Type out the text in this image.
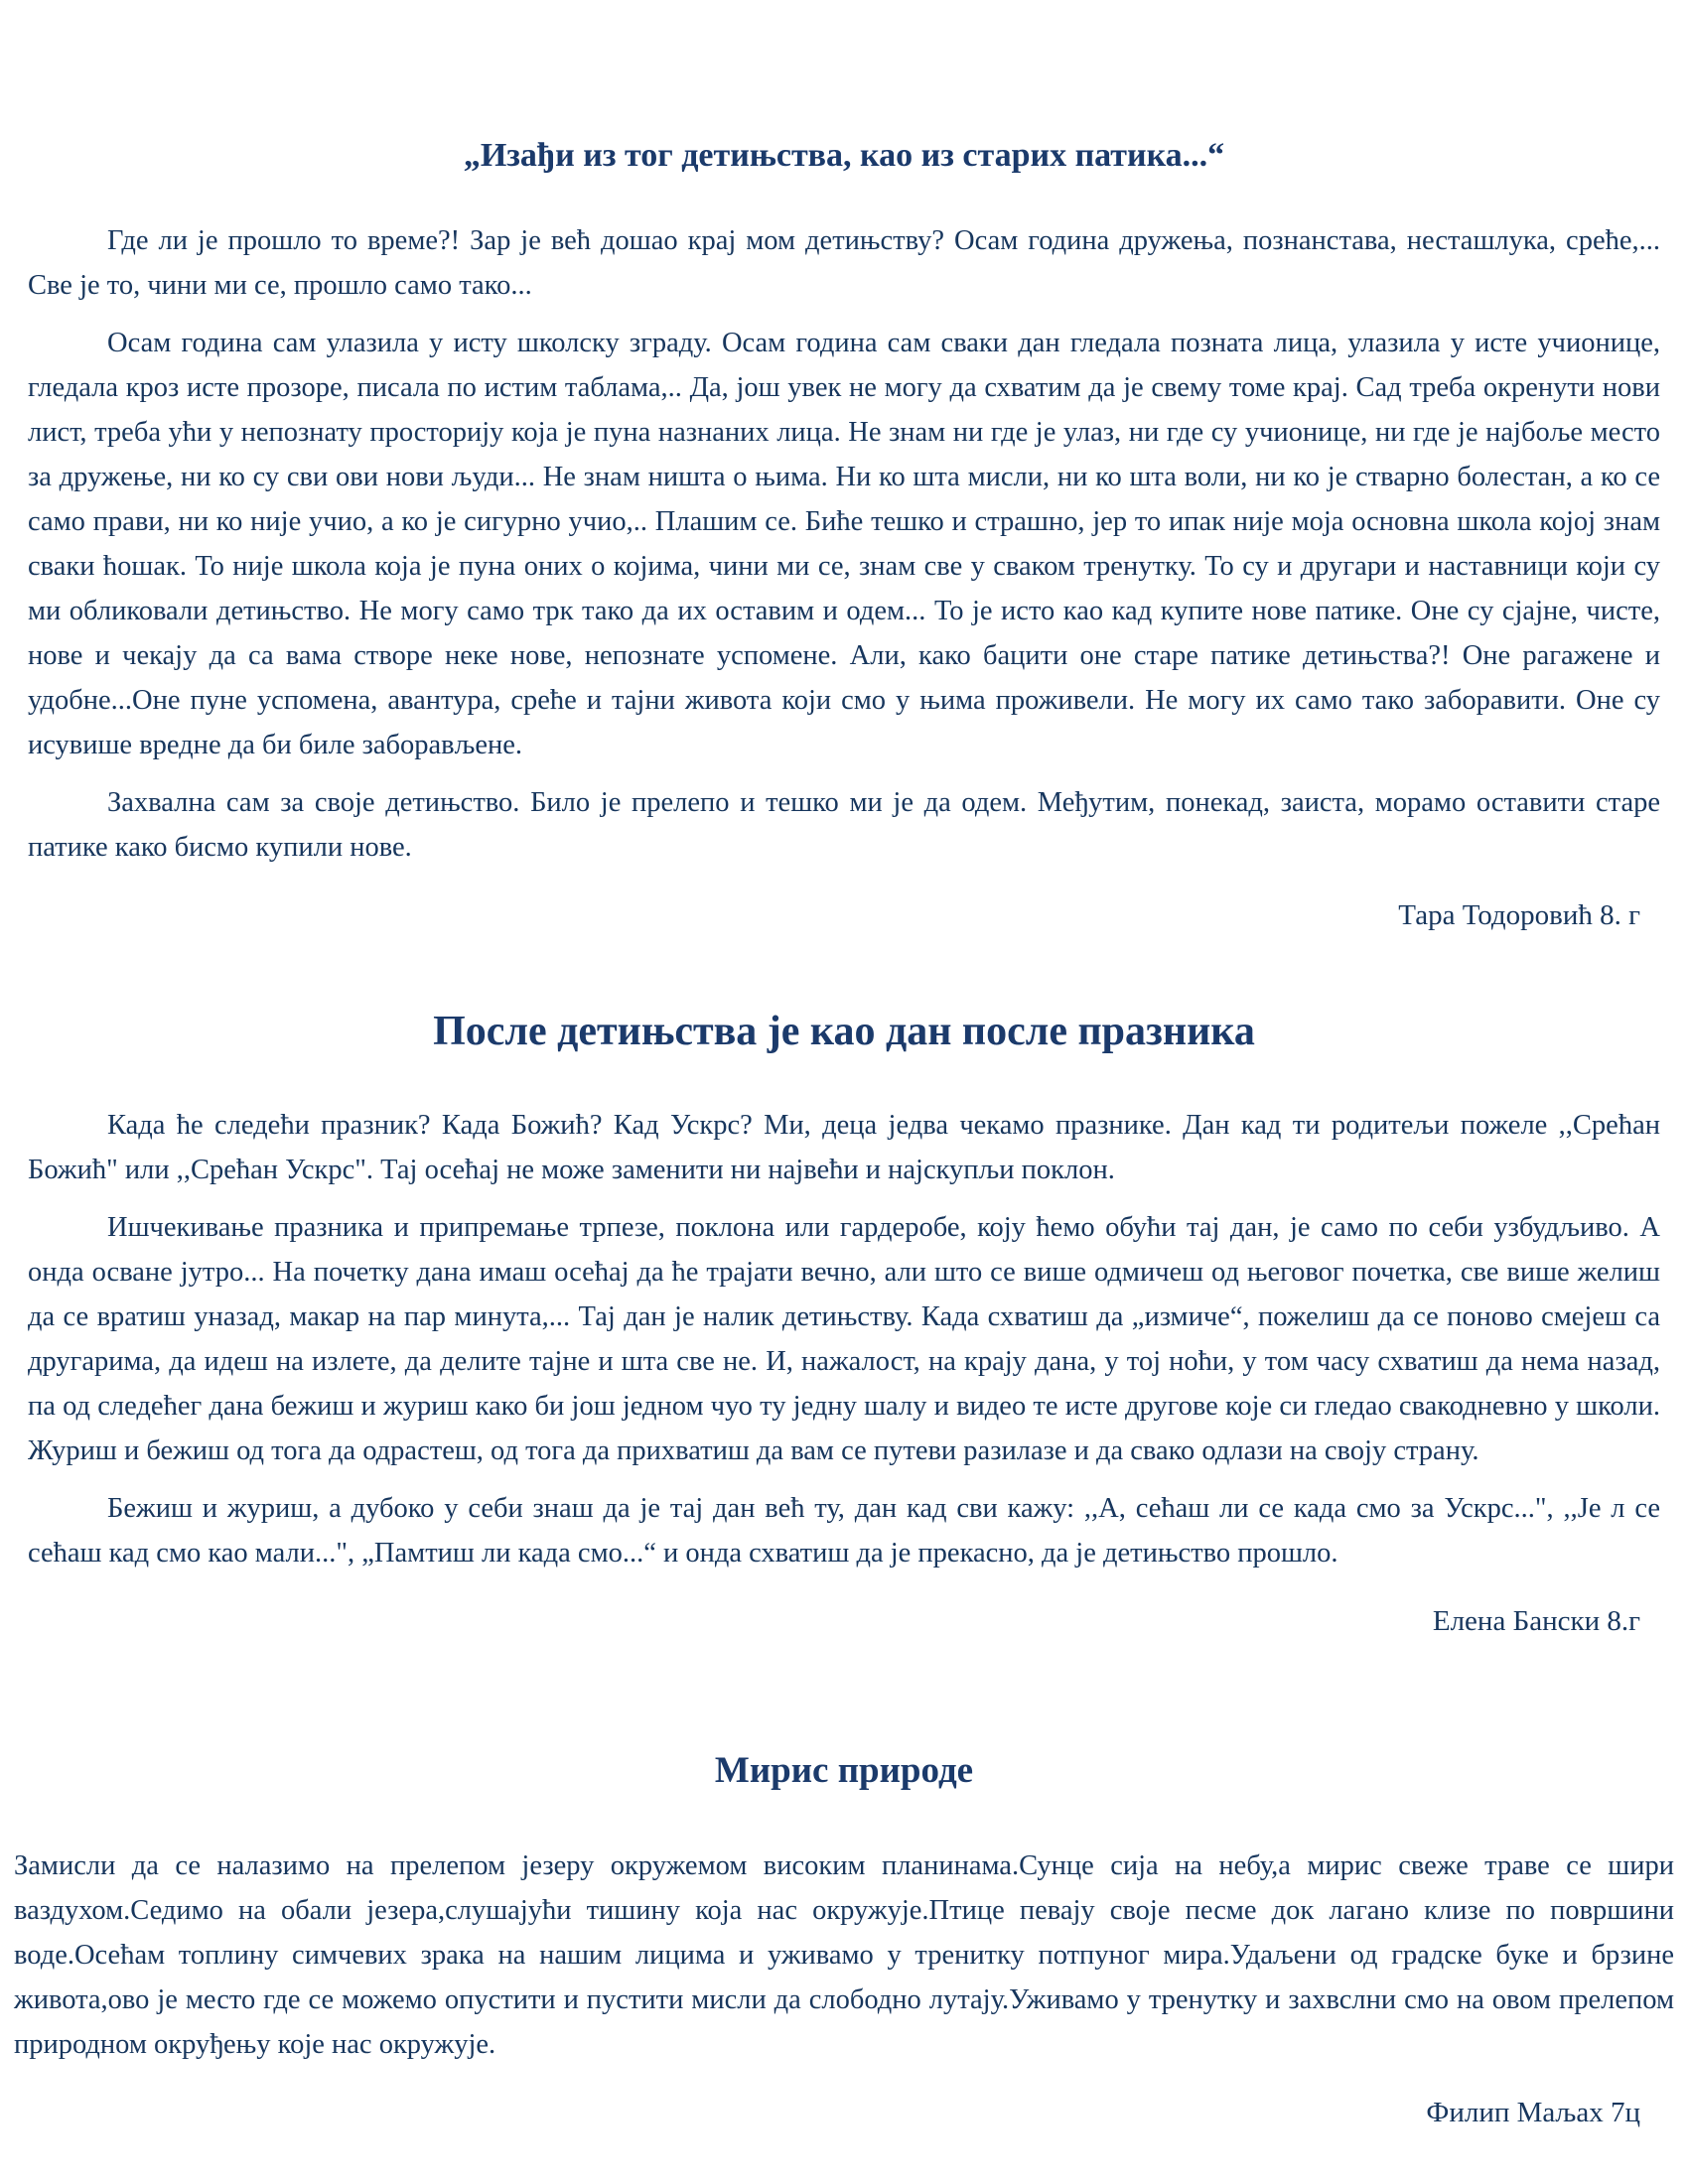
„Изађи из тог детињства, као из старих патика...“

Где ли је прошло то време?! Зар је већ дошао крај мом детињству? Осам година дружења, познанстава, несташлука, среће,... Све је то, чини ми се, прошло само тако...

Осам година сам улазила у исту школску зграду. Осам година сам сваки дан гледала позната лица, улазила у исте учионице, гледала кроз исте прозоре, писала по истим таблама,.. Да, још увек не могу да схватим да је свему томе крај. Сад треба окренути нови лист, треба ући у непознату просторију која је пуна назнаних лица. Не знам ни где је улаз, ни где су учионице, ни где је најбоље место за дружење, ни ко су сви ови нови људи... Не знам ништа о њима. Ни ко шта мисли, ни ко шта воли, ни ко је стварно болестан, а ко се само прави, ни ко није учио, а ко је сигурно учио,.. Плашим се. Биће тешко и страшно, јер то ипак није моја основна школа којој знам сваки ћошак. То није школа која је пуна оних о којима, чини ми се, знам све у сваком тренутку. То су и другари и наставници који су ми обликовали детињство. Не могу само трк тако да их оставим и одем... То је исто као кад купите нове патике. Оне су сјајне, чисте, нове и чекају да са вама створе неке нове, непознате успомене. Али, како бацити оне старе патике детињства?! Оне рагажене и удобне...Оне пуне успомена, авантура, среће и тајни живота који смо у њима проживели. Не могу их само тако заборавити. Оне су исувише вредне да би биле заборављене.

Захвална сам за своје детињство. Било је прелепо и тешко ми је да одем. Међутим, понекад, заиста, морамо оставити старе патике како бисмо купили нове.

Тара Тодоровић 8. г
После детињства је као дан после празника

Када ће следећи празник? Када Божић? Кад Ускрс? Ми, деца једва чекамо празнике. Дан кад ти родитељи пожеле ,,Срећан Божић" или ,,Срећан Ускрс". Тај осећај не може заменити ни највећи и најскупљи поклон.

Ишчекивање празника и припремање трпезе, поклона или гардеробе, коју ћемо обући тај дан, је само по себи узбудљиво. А онда осване јутро... На почетку дана имаш осећај да ће трајати вечно, али што се више одмичеш од његовог почетка, све више желиш да се вратиш уназад, макар на пар минута,... Тај дан је налик детињству. Када схватиш да „измиче“, пожелиш да се поново смејеш са другарима, да идеш на излете, да делите тајне и шта све не. И, нажалост, на крају дана, у тој ноћи, у том часу схватиш да нема назад, па од следећег дана бежиш и журиш како би још једном чуо ту једну шалу и видео те исте другове које си гледао свакодневно у школи. Журиш и бежиш од тога да одрастеш, од тога да прихватиш да вам се путеви разилазе и да свако одлази на своју страну.

Бежиш и журиш, а дубоко у себи знаш да је тај дан већ ту, дан кад сви кажу: ,,А, сећаш ли се када смо за Ускрс...", ,,Је л се сећаш кад смо као мали...", „Памтиш ли када смо...“ и онда схватиш да је прекасно, да је детињство прошло.

Елена Бански 8.г
Мирис природе

Замисли да се налазимо на прелепом језеру окружемом високим планинама.Сунце сија на небу,а мирис свеже траве се шири ваздухом.Седимо на обали језера,слушајући тишину која нас окружује.Птице певају своје песме док лагано клизе по површини воде.Осећам топлину симчевих зрака на нашим лицима и уживамо у тренитку потпуног мира.Удаљени од градске буке и брзине живота,ово је место где се можемо опустити и пустити мисли да слободно лутају.Уживамо у тренутку и захвслни смо на овом прелепом природном окруђењу које нас окружује.

Филип Маљах 7ц
